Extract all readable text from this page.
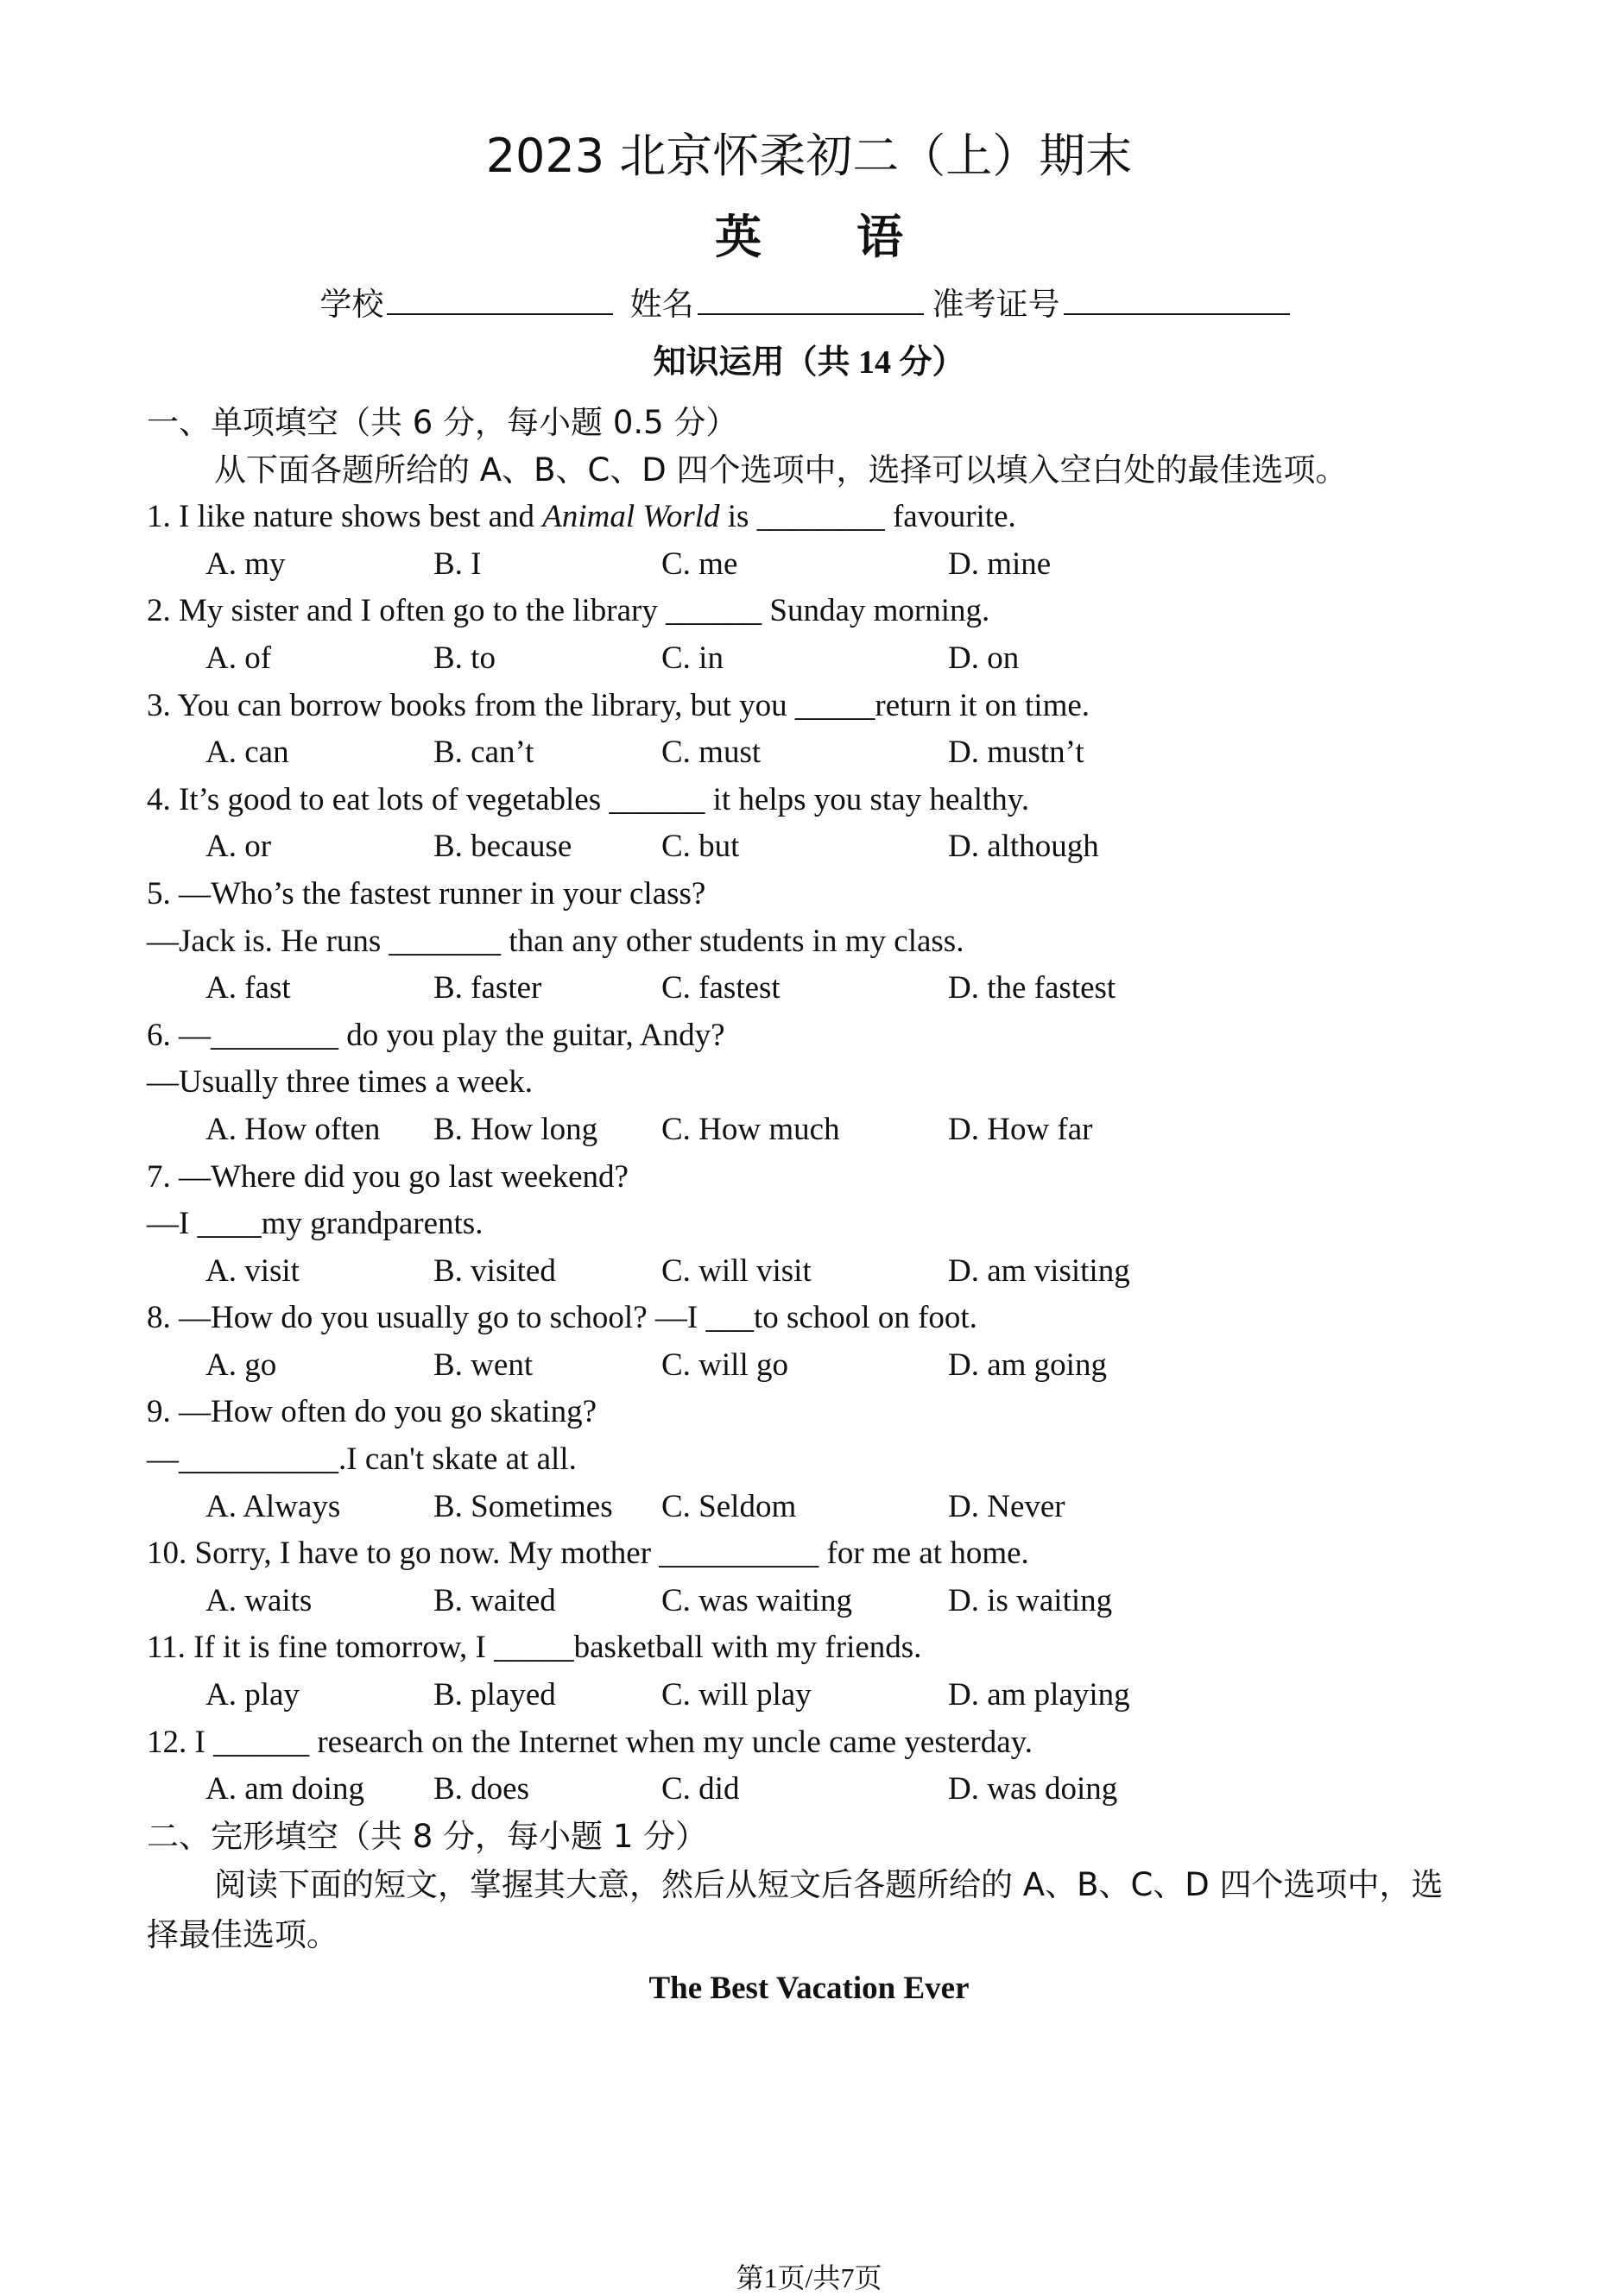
2023 北京怀柔初二（上）期末
英语
学校	姓名	准考证号
知识运用（共 14 分）
一、单项填空（共 6 分，每小题 0.5 分）
从下面各题所给的 A、B、C、D 四个选项中，选择可以填入空白处的最佳选项。
1. I like nature shows best and Animal World is ________ favourite.
A. my	B. I	C. me	D. mine
2. My sister and I often go to the library ______ Sunday morning.
A. of	B. to	C. in	D. on
3. You can borrow books from the library, but you _____return it on time.
A. can	B. can’t	C. must	D. mustn’t
4. It’s good to eat lots of vegetables ______ it helps you stay healthy.
A. or	B. because	C. but	D. although
5. —Who’s the fastest runner in your class?
—Jack is. He runs _______ than any other students in my class.
A. fast	B. faster	C. fastest	D. the fastest
6. —________ do you play the guitar, Andy?
—Usually three times a week.
A. How often B. How long C. How much	D. How far
7. —Where did you go last weekend?
—I ____my grandparents.
A. visit	B. visited	C. will visit	D. am visiting
8. —How do you usually go to school? —I ___to school on foot.
A. go	B. went	C. will go	D. am going
9. —How often do you go skating?
—__________.I can't skate at all.
A. Always	B. Sometimes C. Seldom	D. Never
10. Sorry, I have to go now. My mother __________ for me at home.
A. waits	B. waited	C. was waiting	D. is waiting
11. If it is fine tomorrow, I _____basketball with my friends.
A. play	B. played	C. will play	D. am playing
12. I ______ research on the Internet when my uncle came yesterday.
A. am doing B. does	C. did	D. was doing
二、完形填空（共 8 分，每小题 1 分）
阅读下面的短文，掌握其大意，然后从短文后各题所给的 A、B、C、D 四个选项中，选
择最佳选项。
The Best Vacation Ever
第1页/共7页
